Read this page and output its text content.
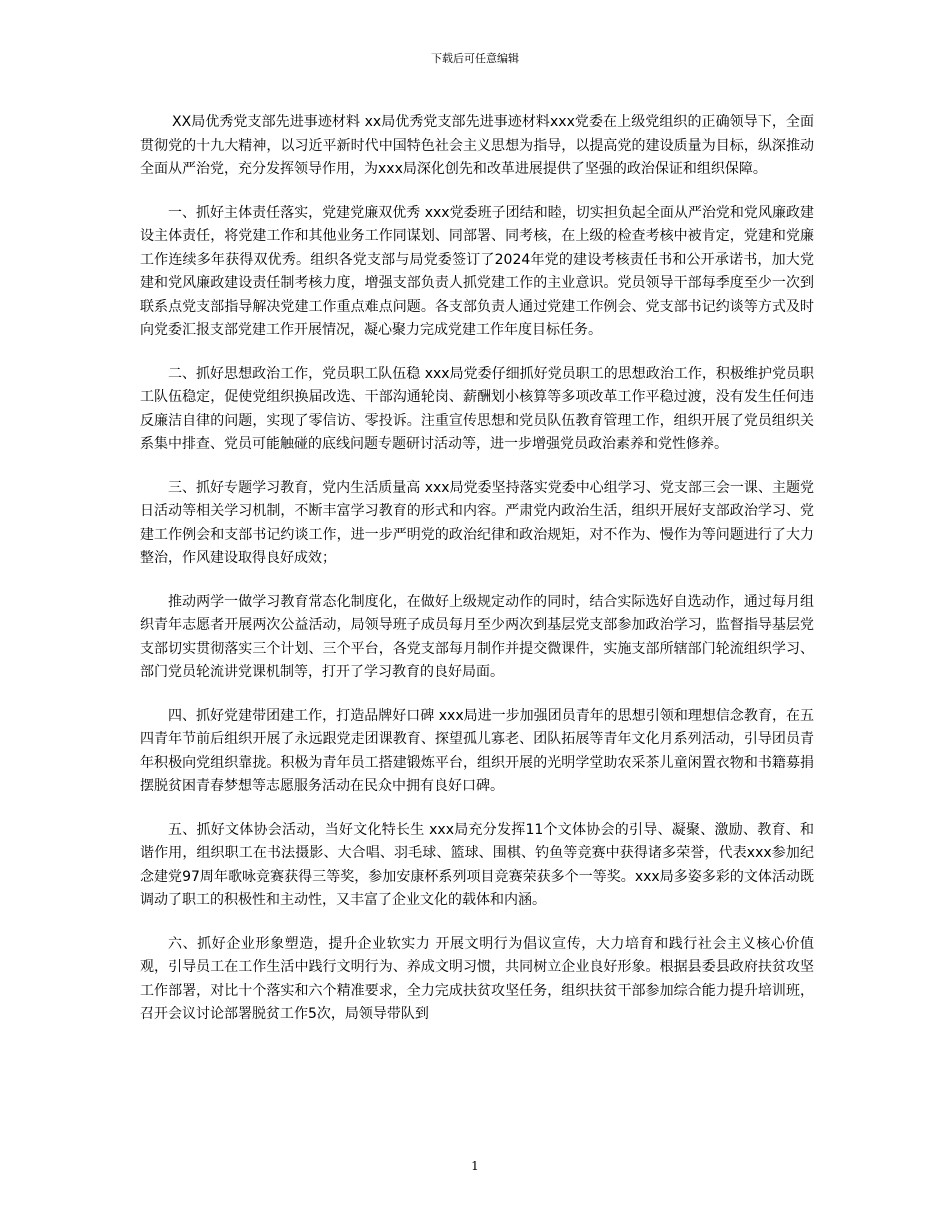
下载后可任意编辑

XX局优秀党支部先进事迹材料 xx局优秀党支部先进事迹材料xxx党委在上级党组织的正确领导下，全面贯彻党的十九大精神，以习近平新时代中国特色社会主义思想为指导，以提高党的建设质量为目标，纵深推动全面从严治党，充分发挥领导作用，为xxx局深化创先和改革进展提供了坚强的政治保证和组织保障。

一、抓好主体责任落实，党建党廉双优秀 xxx党委班子团结和睦，切实担负起全面从严治党和党风廉政建设主体责任，将党建工作和其他业务工作同谋划、同部署、同考核，在上级的检查考核中被肯定，党建和党廉工作连续多年获得双优秀。组织各党支部与局党委签订了2024年党的建设考核责任书和公开承诺书，加大党建和党风廉政建设责任制考核力度，增强支部负责人抓党建工作的主业意识。党员领导干部每季度至少一次到联系点党支部指导解决党建工作重点难点问题。各支部负责人通过党建工作例会、党支部书记约谈等方式及时向党委汇报支部党建工作开展情况，凝心聚力完成党建工作年度目标任务。

二、抓好思想政治工作，党员职工队伍稳 xxx局党委仔细抓好党员职工的思想政治工作，积极维护党员职工队伍稳定，促使党组织换届改选、干部沟通轮岗、薪酬划小核算等多项改革工作平稳过渡，没有发生任何违反廉洁自律的问题，实现了零信访、零投诉。注重宣传思想和党员队伍教育管理工作，组织开展了党员组织关系集中排查、党员可能触碰的底线问题专题研讨活动等，进一步增强党员政治素养和党性修养。

三、抓好专题学习教育，党内生活质量高 xxx局党委坚持落实党委中心组学习、党支部三会一课、主题党日活动等相关学习机制，不断丰富学习教育的形式和内容。严肃党内政治生活，组织开展好支部政治学习、党建工作例会和支部书记约谈工作，进一步严明党的政治纪律和政治规矩，对不作为、慢作为等问题进行了大力整治，作风建设取得良好成效；

推动两学一做学习教育常态化制度化，在做好上级规定动作的同时，结合实际选好自选动作，通过每月组织青年志愿者开展两次公益活动，局领导班子成员每月至少两次到基层党支部参加政治学习，监督指导基层党支部切实贯彻落实三个计划、三个平台，各党支部每月制作并提交微课件，实施支部所辖部门轮流组织学习、部门党员轮流讲党课机制等，打开了学习教育的良好局面。

四、抓好党建带团建工作，打造品牌好口碑 xxx局进一步加强团员青年的思想引领和理想信念教育，在五四青年节前后组织开展了永远跟党走团课教育、探望孤儿寡老、团队拓展等青年文化月系列活动，引导团员青年积极向党组织靠拢。积极为青年员工搭建锻炼平台，组织开展的光明学堂助农采茶儿童闲置衣物和书籍募捐摆脱贫困青春梦想等志愿服务活动在民众中拥有良好口碑。

五、抓好文体协会活动，当好文化特长生 xxx局充分发挥11个文体协会的引导、凝聚、激励、教育、和谐作用，组织职工在书法摄影、大合唱、羽毛球、篮球、围棋、钓鱼等竞赛中获得诸多荣誉，代表xxx参加纪念建党97周年歌咏竞赛获得三等奖，参加安康杯系列项目竞赛荣获多个一等奖。xxx局多姿多彩的文体活动既调动了职工的积极性和主动性，又丰富了企业文化的载体和内涵。

六、抓好企业形象塑造，提升企业软实力 开展文明行为倡议宣传，大力培育和践行社会主义核心价值观，引导员工在工作生活中践行文明行为、养成文明习惯，共同树立企业良好形象。根据县委县政府扶贫攻坚工作部署，对比十个落实和六个精准要求，全力完成扶贫攻坚任务，组织扶贫干部参加综合能力提升培训班，召开会议讨论部署脱贫工作5次，局领导带队到

1
